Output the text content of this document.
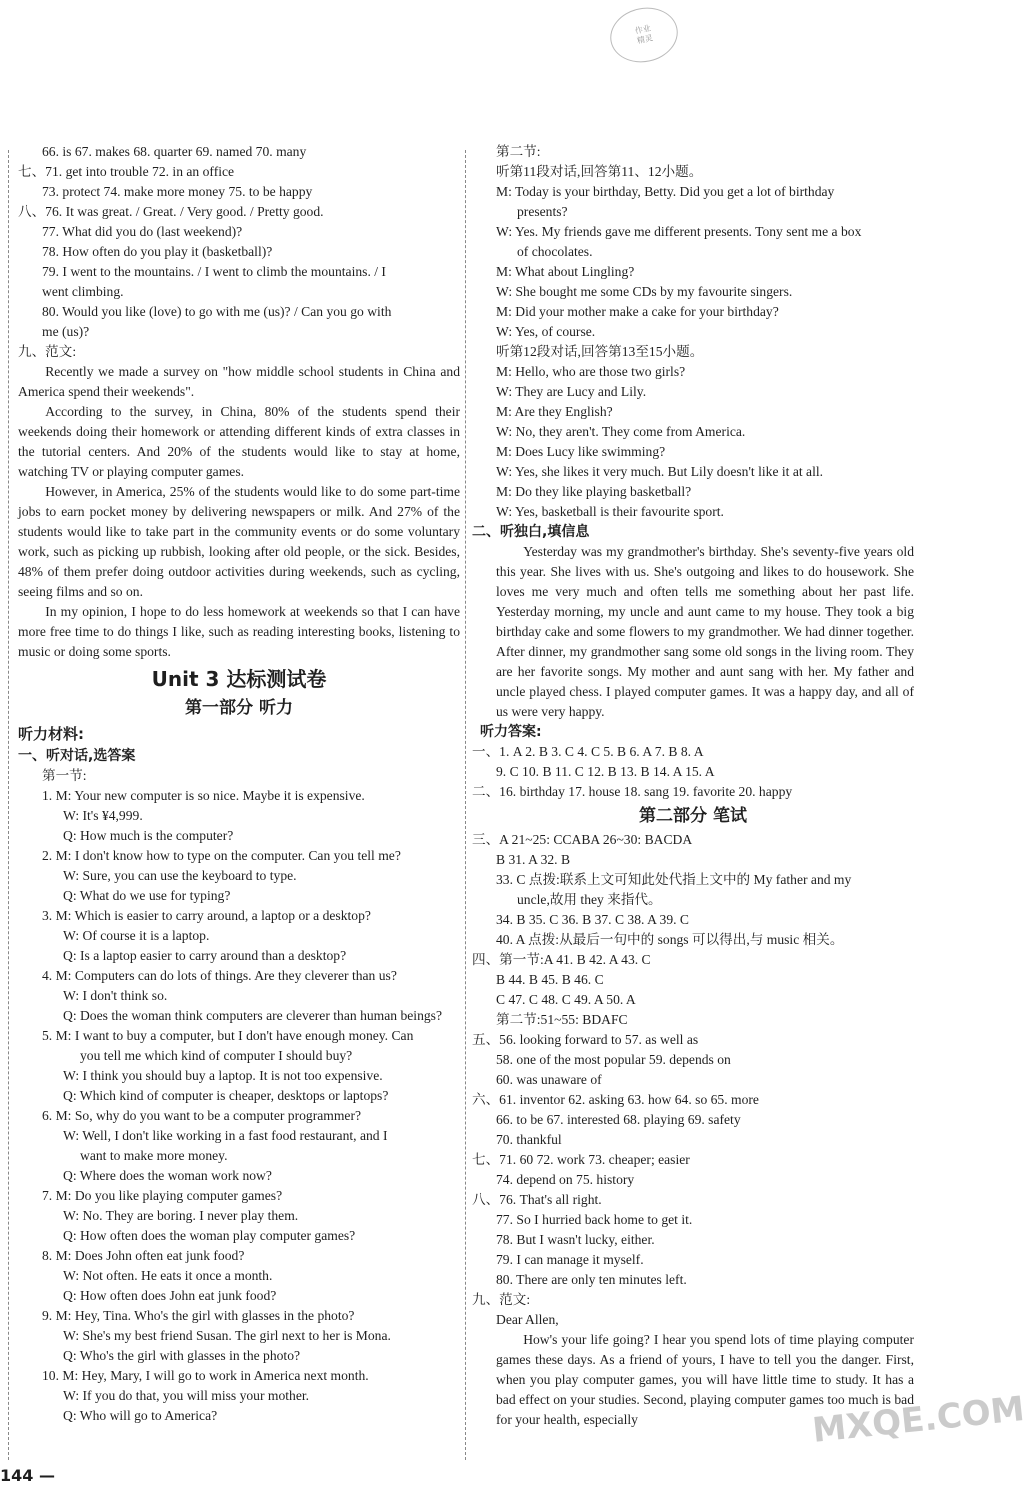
作业
精灵
66. is 67. makes 68. quarter 69. named 70. many
七、71. get into trouble 72. in an office
73. protect 74. make more money 75. to be happy
八、76. It was great. / Great. / Very good. / Pretty good.
77. What did you do (last weekend)?
78. How often do you play it (basketball)?
79. I went to the mountains. / I went to climb the mountains. / I
went climbing.
80. Would you like (love) to go with me (us)? / Can you go with
me (us)?
九、范文:
Recently we made a survey on "how middle school students in China and America spend their weekends".
According to the survey, in China, 80% of the students spend their weekends doing their homework or attending different kinds of extra classes in the tutorial centers. And 20% of the students would like to stay at home, watching TV or playing computer games.
However, in America, 25% of the students would like to do some part-time jobs to earn pocket money by delivering newspapers or milk. And 27% of the students would like to take part in the community events or do some voluntary work, such as picking up rubbish, looking after old people, or the sick. Besides, 48% of them prefer doing outdoor activities during weekends, such as cycling, seeing films and so on.
In my opinion, I hope to do less homework at weekends so that I can have more free time to do things I like, such as reading interesting books, listening to music or doing some sports.
Unit 3 达标测试卷
第一部分 听力
听力材料:
一、听对话,选答案
第一节:
1. M: Your new computer is so nice. Maybe it is expensive.
W: It's ¥4,999.
Q: How much is the computer?
2. M: I don't know how to type on the computer. Can you tell me?
W: Sure, you can use the keyboard to type.
Q: What do we use for typing?
3. M: Which is easier to carry around, a laptop or a desktop?
W: Of course it is a laptop.
Q: Is a laptop easier to carry around than a desktop?
4. M: Computers can do lots of things. Are they cleverer than us?
W: I don't think so.
Q: Does the woman think computers are cleverer than human beings?
5. M: I want to buy a computer, but I don't have enough money. Can
you tell me which kind of computer I should buy?
W: I think you should buy a laptop. It is not too expensive.
Q: Which kind of computer is cheaper, desktops or laptops?
6. M: So, why do you want to be a computer programmer?
W: Well, I don't like working in a fast food restaurant, and I
want to make more money.
Q: Where does the woman work now?
7. M: Do you like playing computer games?
W: No. They are boring. I never play them.
Q: How often does the woman play computer games?
8. M: Does John often eat junk food?
W: Not often. He eats it once a month.
Q: How often does John eat junk food?
9. M: Hey, Tina. Who's the girl with glasses in the photo?
W: She's my best friend Susan. The girl next to her is Mona.
Q: Who's the girl with glasses in the photo?
10. M: Hey, Mary, I will go to work in America next month.
W: If you do that, you will miss your mother.
Q: Who will go to America?
第二节:
听第11段对话,回答第11、12小题。
M: Today is your birthday, Betty. Did you get a lot of birthday
presents?
W: Yes. My friends gave me different presents. Tony sent me a box
of chocolates.
M: What about Lingling?
W: She bought me some CDs by my favourite singers.
M: Did your mother make a cake for your birthday?
W: Yes, of course.
听第12段对话,回答第13至15小题。
M: Hello, who are those two girls?
W: They are Lucy and Lily.
M: Are they English?
W: No, they aren't. They come from America.
M: Does Lucy like swimming?
W: Yes, she likes it very much. But Lily doesn't like it at all.
M: Do they like playing basketball?
W: Yes, basketball is their favourite sport.
二、听独白,填信息
Yesterday was my grandmother's birthday. She's seventy-five years old this year. She lives with us. She's outgoing and likes to do housework. She loves me very much and often tells me something about her past life. Yesterday morning, my uncle and aunt came to my house. They took a big birthday cake and some flowers to my grandmother. We had dinner together. After dinner, my grandmother sang some old songs in the living room. They are her favorite songs. My mother and aunt sang with her. My father and uncle played chess. I played computer games. It was a happy day, and all of us were very happy.
听力答案:
一、1. A 2. B 3. C 4. C 5. B 6. A 7. B 8. A
9. C 10. B 11. C 12. B 13. B 14. A 15. A
二、16. birthday 17. house 18. sang 19. favorite 20. happy
第二部分 笔试
三、A 21~25: CCABA 26~30: BACDA
B 31. A 32. B
33. C 点拨:联系上文可知此处代指上文中的 My father and my
uncle,故用 they 来指代。
34. B 35. C 36. B 37. C 38. A 39. C
40. A 点拨:从最后一句中的 songs 可以得出,与 music 相关。
四、第一节:A 41. B 42. A 43. C
B 44. B 45. B 46. C
C 47. C 48. C 49. A 50. A
第二节:51~55: BDAFC
五、56. looking forward to 57. as well as
58. one of the most popular 59. depends on
60. was unaware of
六、61. inventor 62. asking 63. how 64. so 65. more
66. to be 67. interested 68. playing 69. safety
70. thankful
七、71. 60 72. work 73. cheaper; easier
74. depend on 75. history
八、76. That's all right.
77. So I hurried back home to get it.
78. But I wasn't lucky, either.
79. I can manage it myself.
80. There are only ten minutes left.
九、范文:
Dear Allen,
How's your life going? I hear you spend lots of time playing computer games these days. As a friend of yours, I have to tell you the danger. First, when you play computer games, you will have little time to study. It has a bad effect on your studies. Second, playing computer games too much is bad for your health, especially
144 —
MXQE.COM
